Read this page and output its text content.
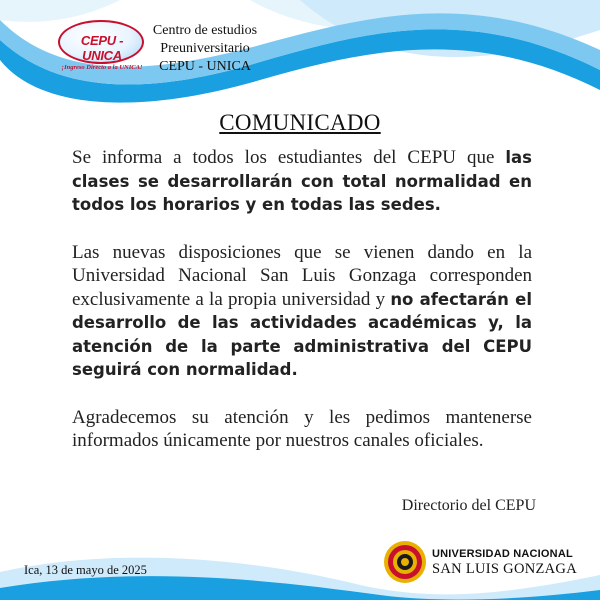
CEPU - UNICA
¡Ingreso Directo a la UNICA!
Centro de estudios
Preuniversitario
CEPU - UNICA
COMUNICADO

Se informa a todos los estudiantes del CEPU que las clases se desarrollarán con total normalidad en todos los horarios y en todas las sedes.

Las nuevas disposiciones que se vienen dando en la Universidad Nacional San Luis Gonzaga corresponden exclusivamente a la propia universidad y no afectarán el desarrollo de las actividades académicas y, la atención de la parte administrativa del CEPU seguirá con normalidad.

Agradecemos su atención y les pedimos mantenerse informados únicamente por nuestros canales oficiales.

Directorio del CEPU
Ica, 13 de mayo de 2025
UNIVERSIDAD NACIONAL
SAN LUIS GONZAGA
